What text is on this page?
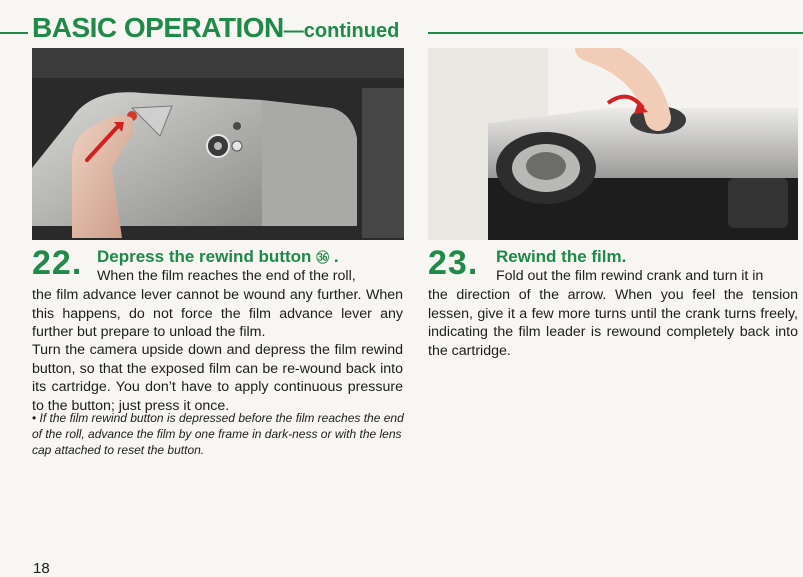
BASIC OPERATION—continued
22. Depress the rewind button ㊱ .
When the film reaches the end of the roll,
the film advance lever cannot be wound any further. When this happens, do not force the film advance lever any further but prepare to unload the film.
Turn the camera upside down and depress the film rewind button, so that the exposed film can be re-wound back into its cartridge. You don’t have to apply continuous pressure to the button; just press it once.
• If the film rewind button is depressed before the film reaches the end of the roll, advance the film by one frame in dark-ness or with the lens cap attached to reset the button.
23. Rewind the film.
Fold out the film rewind crank and turn it in
the direction of the arrow. When you feel the tension lessen, give it a few more turns until the crank turns freely, indicating the film leader is rewound completely back into the cartridge.
18
